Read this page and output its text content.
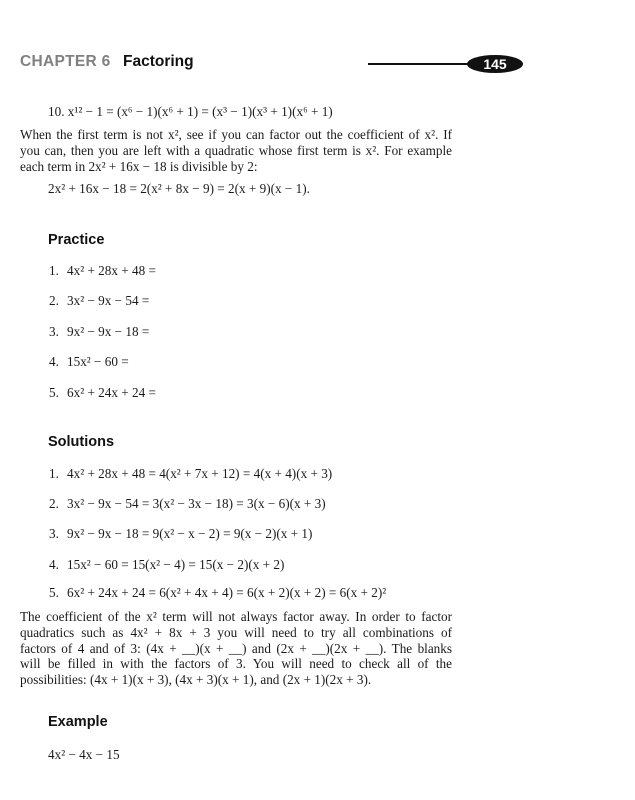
CHAPTER 6 Factoring	145
10. x¹² − 1 = (x⁶ − 1)(x⁶ + 1) = (x³ − 1)(x³ + 1)(x⁶ + 1)
When the first term is not x², see if you can factor out the coefficient of x². If
you can, then you are left with a quadratic whose first term is x². For example
each term in 2x² + 16x − 18 is divisible by 2:
2x² + 16x − 18 = 2(x² + 8x − 9) = 2(x + 9)(x − 1).
Practice
1. 4x² + 28x + 48 =
2. 3x² − 9x − 54 =
3. 9x² − 9x − 18 =
4. 15x² − 60 =
5. 6x² + 24x + 24 =
Solutions
1. 4x² + 28x + 48 = 4(x² + 7x + 12) = 4(x + 4)(x + 3)
2. 3x² − 9x − 54 = 3(x² − 3x − 18) = 3(x − 6)(x + 3)
3. 9x² − 9x − 18 = 9(x² − x − 2) = 9(x − 2)(x + 1)
4. 15x² − 60 = 15(x² − 4) = 15(x − 2)(x + 2)
5. 6x² + 24x + 24 = 6(x² + 4x + 4) = 6(x + 2)(x + 2) = 6(x + 2)²
The coefficient of the x² term will not always factor away. In order to factor
quadratics such as 4x² + 8x + 3 you will need to try all combinations of
factors of 4 and of 3: (4x + __)(x + __) and (2x + __)(2x + __). The blanks
will be filled in with the factors of 3. You will need to check all of the
possibilities: (4x + 1)(x + 3), (4x + 3)(x + 1), and (2x + 1)(2x + 3).
Example
4x² − 4x − 15
